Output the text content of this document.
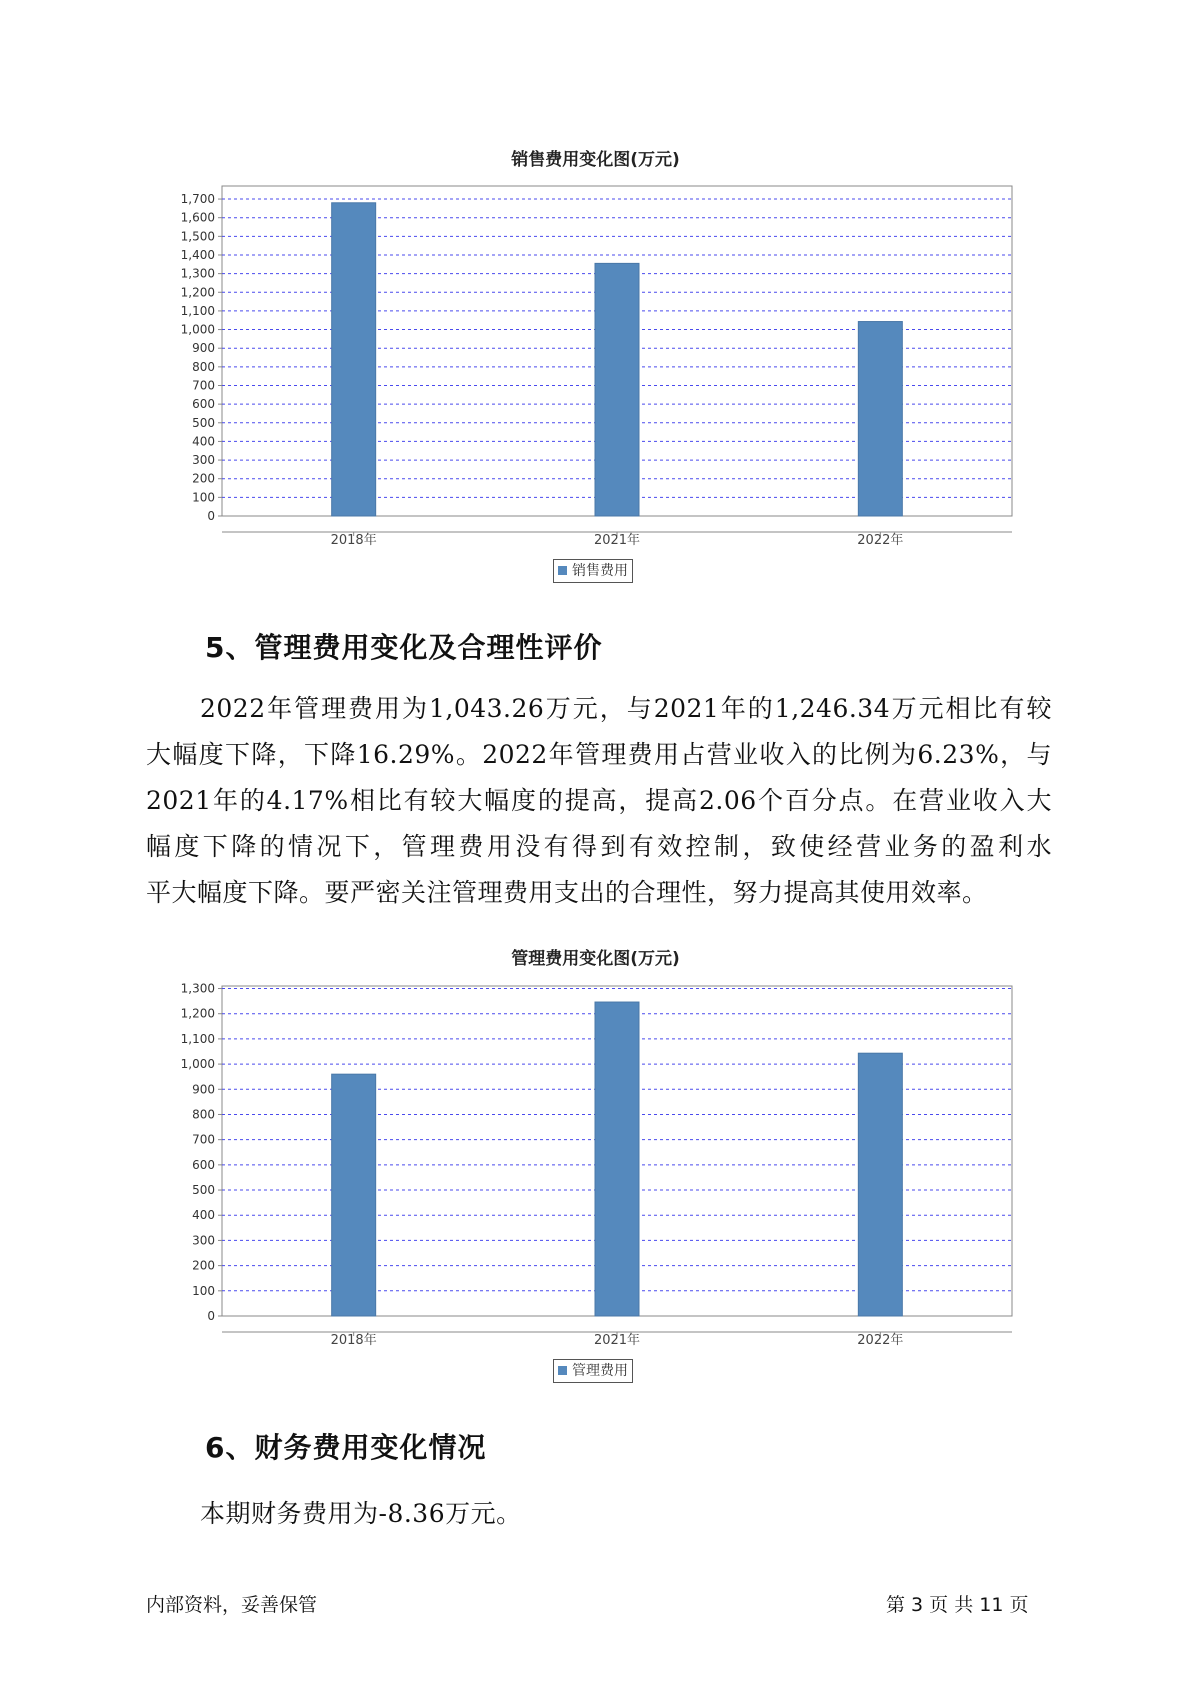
销售费用变化图(万元)
0
100
200
300
400
500
600
700
800
900
1,000
1,100
1,200
1,300
1,400
1,500
1,600
1,700
2018年	2021年	2022年
销售费用
5、管理费用变化及合理性评价
2022年管理费用为1,043.26万元，与2021年的1,246.34万元相比有较
大幅度下降，下降16.29%。2022年管理费用占营业收入的比例为6.23%，与
2021年的4.17%相比有较大幅度的提高，提高2.06个百分点。在营业收入大
幅度下降的情况下，管理费用没有得到有效控制，致使经营业务的盈利水
平大幅度下降。要严密关注管理费用支出的合理性，努力提高其使用效率。
管理费用变化图(万元)
0
100
200
300
400
500
600
700
800
900
1,000
1,100
1,200
1,300
2018年	2021年	2022年
管理费用
6、财务费用变化情况
本期财务费用为-8.36万元。
内部资料，妥善保管	第 3 页 共 11 页
